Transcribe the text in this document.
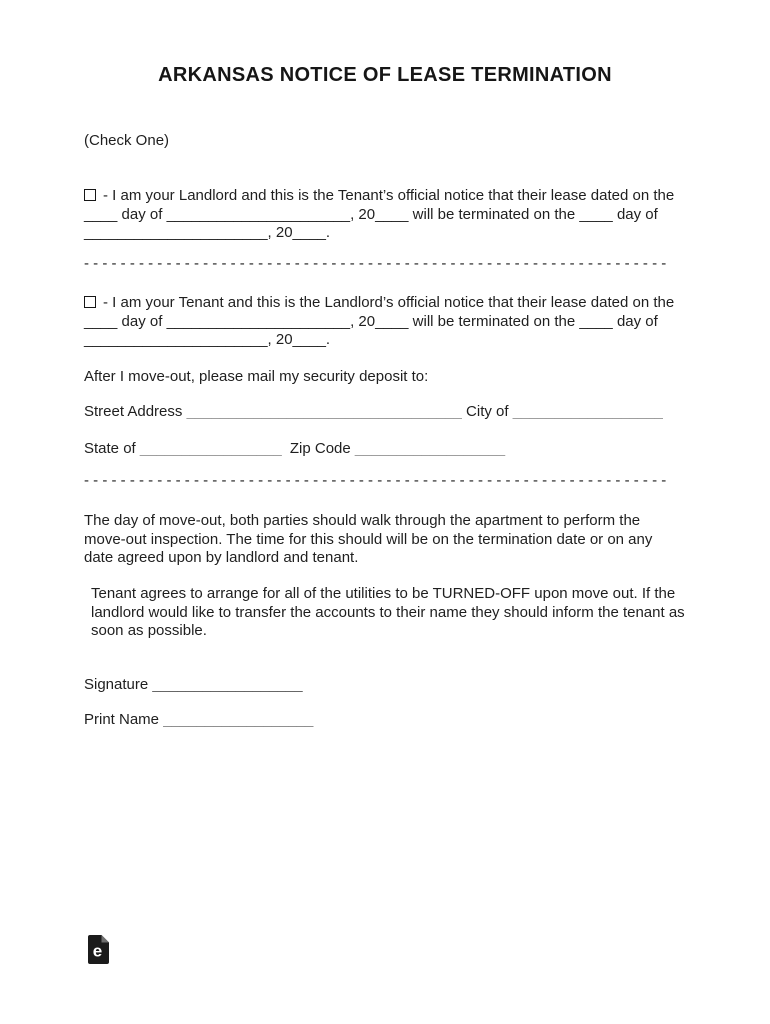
ARKANSAS NOTICE OF LEASE TERMINATION
(Check One)
- I am your Landlord and this is the Tenant’s official notice that their lease dated on the
____ day of ______________________, 20____ will be terminated on the ____ day of
______________________, 20____.
- - - - - - - - - - - - - - - - - - - - - - - - - - - - - - - - - - - - - - - - - - - - - - - - - - - - - - - - - - - - - - - -
- I am your Tenant and this is the Landlord’s official notice that their lease dated on the
____ day of ______________________, 20____ will be terminated on the ____ day of
______________________, 20____.
After I move-out, please mail my security deposit to:
Street Address _________________________________ City of __________________
State of _________________ Zip Code __________________
- - - - - - - - - - - - - - - - - - - - - - - - - - - - - - - - - - - - - - - - - - - - - - - - - - - - - - - - - - - - - - - -
The day of move-out, both parties should walk through the apartment to perform the
move-out inspection. The time for this should will be on the termination date or on any
date agreed upon by landlord and tenant.
Tenant agrees to arrange for all of the utilities to be TURNED-OFF upon move out. If the
landlord would like to transfer the accounts to their name they should inform the tenant as
soon as possible.
Signature __________________
Print Name __________________
e
